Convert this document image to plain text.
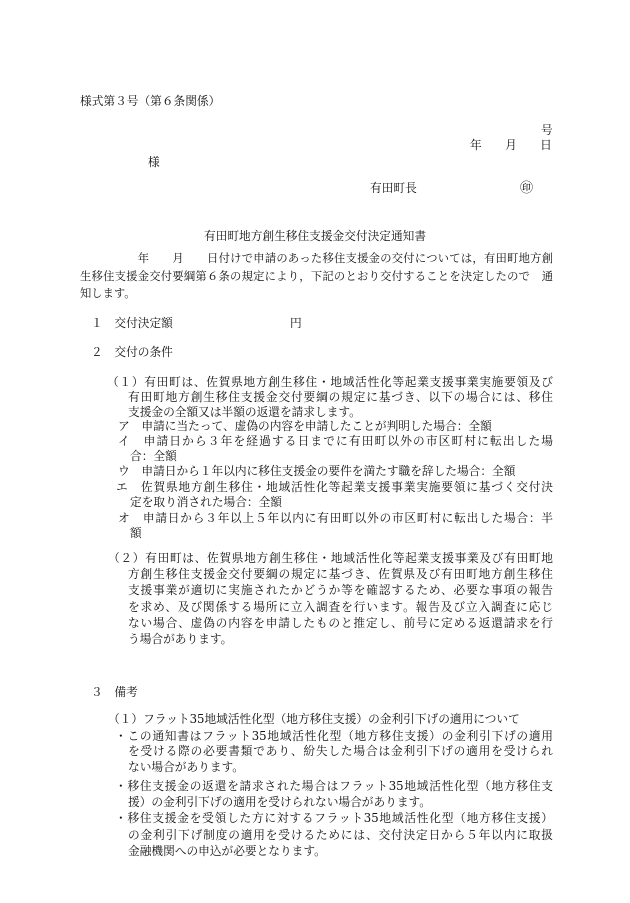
様式第３号（第６条関係）
号
年　　月　　日
様
有田町長	㊞
有田町地方創生移住支援金交付決定通知書
　　　　　年　　月　　日付けで申請のあった移住支援金の交付については，有田町地方創
生移住支援金交付要綱第６条の規定により，下記のとおり交付することを決定したので　通
知します。
１　交付決定額	円
２　交付の条件
（１）有田町は、佐賀県地方創生移住・地域活性化等起業支援事業実施要領及び
有田町地方創生移住支援金交付要綱の規定に基づき、以下の場合には、移住
支援金の全額又は半額の返還を請求します。
ア　申請に当たって、虚偽の内容を申請したことが判明した場合：全額
イ　申請日から３年を経過する日までに有田町以外の市区町村に転出した場
合：全額
ウ　申請日から１年以内に移住支援金の要件を満たす職を辞した場合：全額
エ　佐賀県地方創生移住・地域活性化等起業支援事業実施要領に基づく交付決
定を取り消された場合：全額
オ　申請日から３年以上５年以内に有田町以外の市区町村に転出した場合：半
額
（２）有田町は、佐賀県地方創生移住・地域活性化等起業支援事業及び有田町地
方創生移住支援金交付要綱の規定に基づき、佐賀県及び有田町地方創生移住
支援事業が適切に実施されたかどうか等を確認するため、必要な事項の報告
を求め、及び関係する場所に立入調査を行います。報告及び立入調査に応じ
ない場合、虚偽の内容を申請したものと推定し、前号に定める返還請求を行
う場合があります。
３　備考
（１）フラット35地域活性化型（地方移住支援）の金利引下げの適用について
・この通知書はフラット35地域活性化型（地方移住支援）の金利引下げの適用
を受ける際の必要書類であり、紛失した場合は金利引下げの適用を受けられ
ない場合があります。
・移住支援金の返還を請求された場合はフラット35地域活性化型（地方移住支
援）の金利引下げの適用を受けられない場合があります。
・移住支援金を受領した方に対するフラット35地域活性化型（地方移住支援）
の金利引下げ制度の適用を受けるためには、交付決定日から５年以内に取扱
金融機関への申込が必要となります。
